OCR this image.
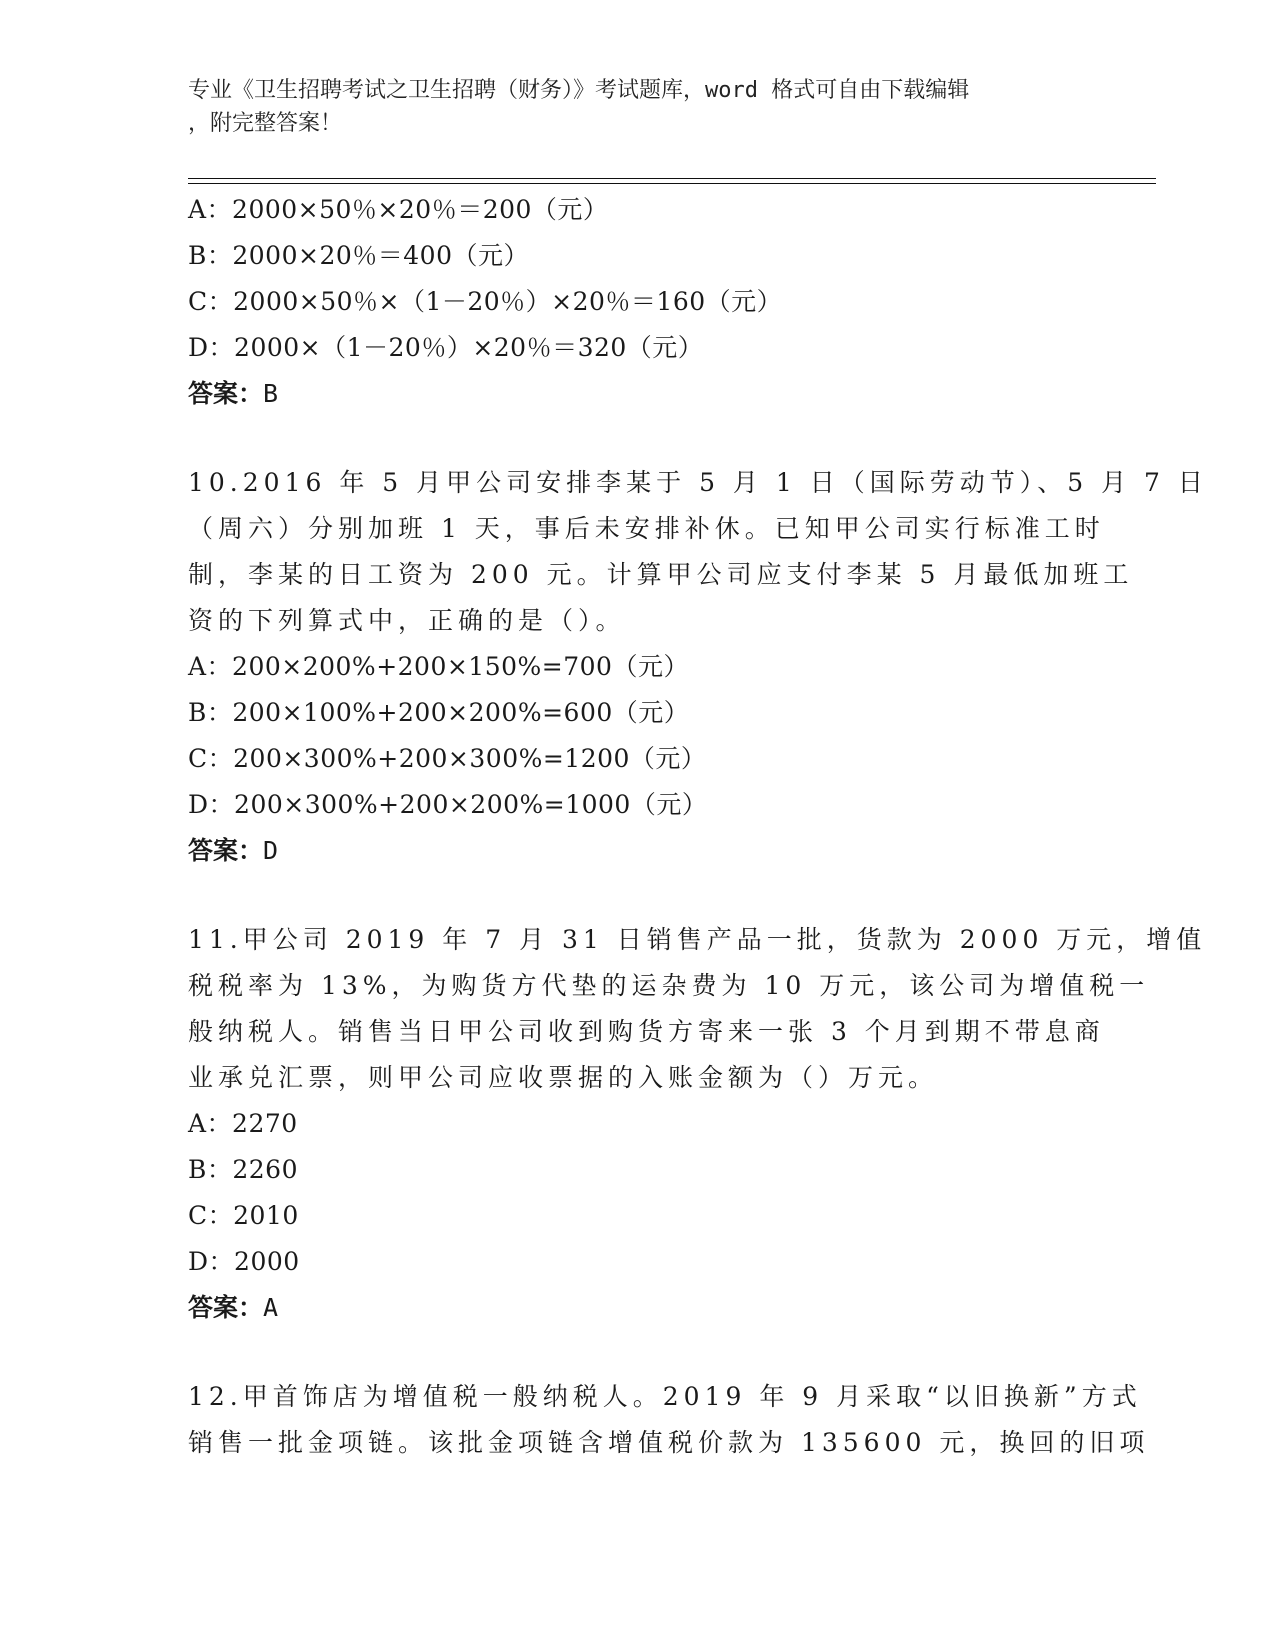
专业《卫生招聘考试之卫生招聘（财务）》考试题库，word 格式可自由下载编辑
，附完整答案！
A：2000×50％×20％＝200（元）
B：2000×20％＝400（元）
C：2000×50％×（1－20％）×20％＝160（元）
D：2000×（1－20％）×20％＝320（元）
答案：B
10.2016 年 5 月甲公司安排李某于 5 月 1 日（国际劳动节）、5 月 7 日
（周六）分别加班 1 天，事后未安排补休。已知甲公司实行标准工时
制，李某的日工资为 200 元。计算甲公司应支付李某 5 月最低加班工
资的下列算式中，正确的是（）。
A：200×200%+200×150%=700（元）
B：200×100%+200×200%=600（元）
C：200×300%+200×300%=1200（元）
D：200×300%+200×200%=1000（元）
答案：D
11.甲公司 2019 年 7 月 31 日销售产品一批，货款为 2000 万元，增值
税税率为 13%，为购货方代垫的运杂费为 10 万元，该公司为增值税一
般纳税人。销售当日甲公司收到购货方寄来一张 3 个月到期不带息商
业承兑汇票，则甲公司应收票据的入账金额为（）万元。
A：2270
B：2260
C：2010
D：2000
答案：A
12.甲首饰店为增值税一般纳税人。2019 年 9 月采取“以旧换新”方式
销售一批金项链。该批金项链含增值税价款为 135600 元，换回的旧项
